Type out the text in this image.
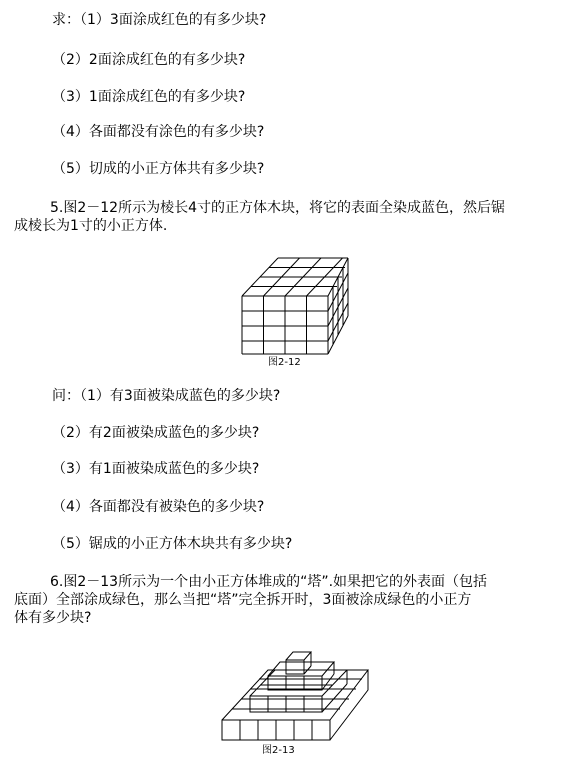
求：（1）3面涂成红色的有多少块?
（2）2面涂成红色的有多少块?
（3）1面涂成红色的有多少块?
（4）各面都没有涂色的有多少块?
（5）切成的小正方体共有多少块?
5.图2－12所示为棱长4寸的正方体木块，将它的表面全染成蓝色，然后锯
成棱长为1寸的小正方体.
图2-12
问：（1）有3面被染成蓝色的多少块?
（2）有2面被染成蓝色的多少块?
（3）有1面被染成蓝色的多少块?
（4）各面都没有被染色的多少块?
（5）锯成的小正方体木块共有多少块?
6.图2－13所示为一个由小正方体堆成的“塔”.如果把它的外表面（包括
底面）全部涂成绿色，那么当把“塔”完全拆开时，3面被涂成绿色的小正方
体有多少块?
图2-13
